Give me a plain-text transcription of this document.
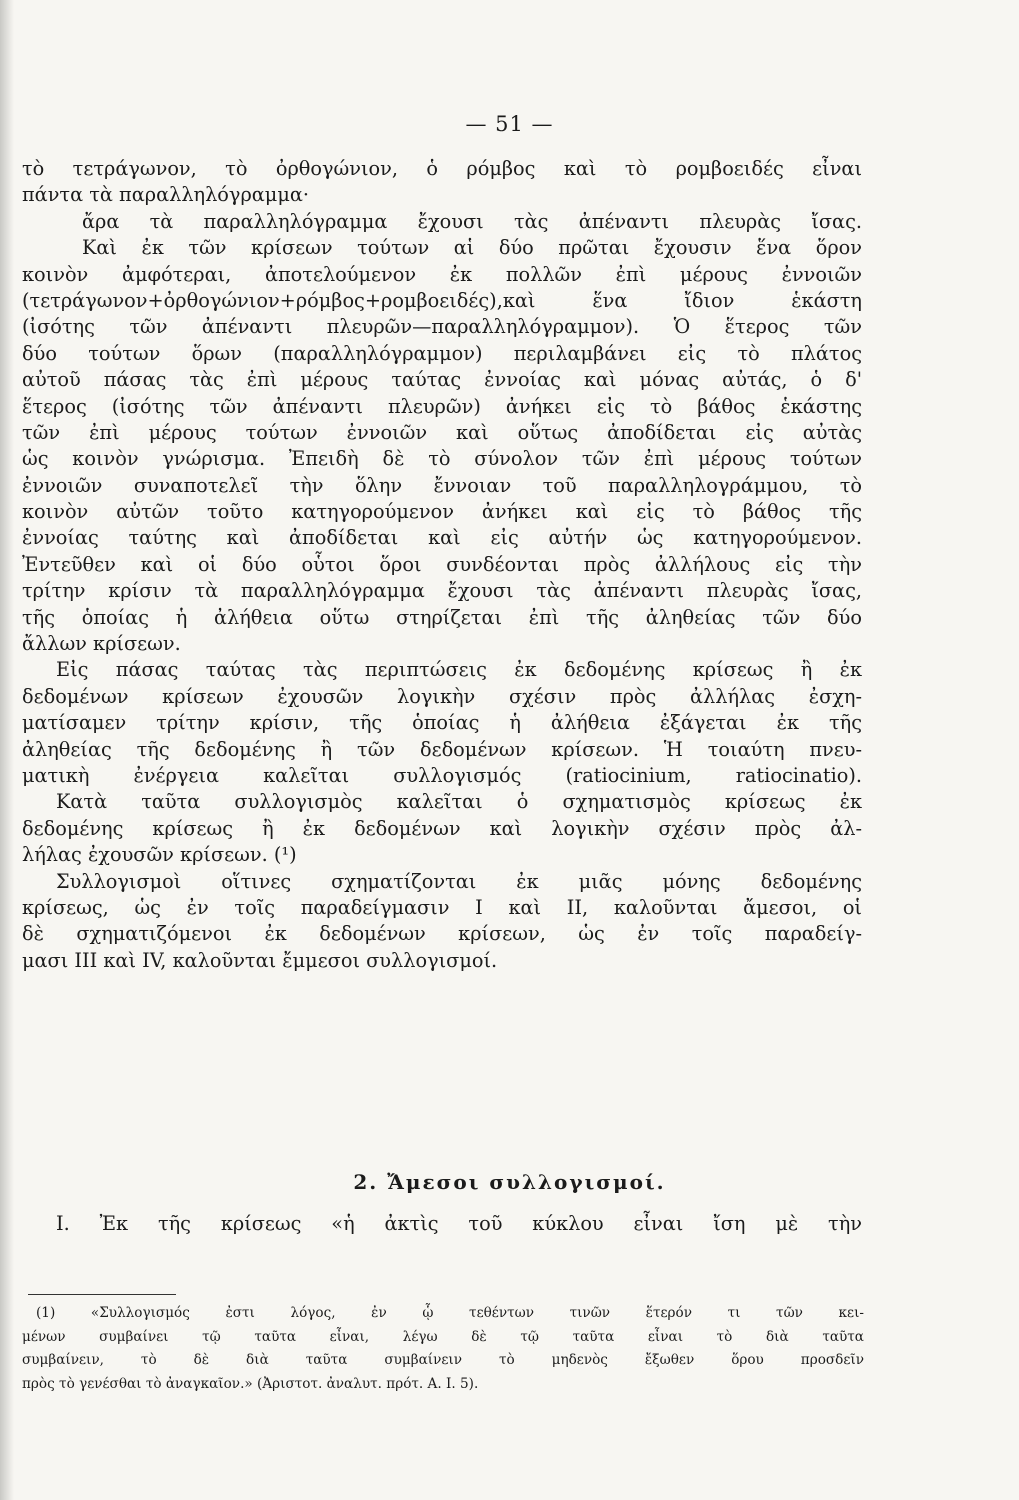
— 51 —
τὸ τετράγωνον, τὸ ὀρθογώνιον, ὁ ρόμβος καὶ τὸ ρομβοειδές εἶναι
πάντα τὰ παραλληλόγραμμα·
ἄρα τὰ παραλληλόγραμμα ἔχουσι τὰς ἀπέναντι πλευρὰς ἴσας.
Καὶ ἐκ τῶν κρίσεων τούτων αἱ δύο πρῶται ἔχουσιν ἕνα ὅρον
κοινὸν ἀμφότεραι, ἀποτελούμενον ἐκ πολλῶν ἐπὶ μέρους ἐννοιῶν
(τετράγωνον+ὀρθογώνιον+ρόμβος+ρομβοειδές),καὶ ἕνα ἴδιον ἑκάστη
(ἰσότης τῶν ἀπέναντι πλευρῶν—παραλληλόγραμμον). Ὁ ἕτερος τῶν
δύο τούτων ὅρων (παραλληλόγραμμον) περιλαμβάνει εἰς τὸ πλάτος
αὐτοῦ πάσας τὰς ἐπὶ μέρους ταύτας ἐννοίας καὶ μόνας αὐτάς, ὁ δ'
ἕτερος (ἰσότης τῶν ἀπέναντι πλευρῶν) ἀνήκει εἰς τὸ βάθος ἑκάστης
τῶν ἐπὶ μέρους τούτων ἐννοιῶν καὶ οὕτως ἀποδίδεται εἰς αὐτὰς
ὡς κοινὸν γνώρισμα. Ἐπειδὴ δὲ τὸ σύνολον τῶν ἐπὶ μέρους τούτων
ἐννοιῶν συναποτελεῖ τὴν ὅλην ἔννοιαν τοῦ παραλληλογράμμου, τὸ
κοινὸν αὐτῶν τοῦτο κατηγορούμενον ἀνήκει καὶ εἰς τὸ βάθος τῆς
ἐννοίας ταύτης καὶ ἀποδίδεται καὶ εἰς αὐτήν ὡς κατηγορούμενον.
Ἐντεῦθεν καὶ οἱ δύο οὗτοι ὅροι συνδέονται πρὸς ἀλλήλους εἰς τὴν
τρίτην κρίσιν τὰ παραλληλόγραμμα ἔχουσι τὰς ἀπέναντι πλευρὰς ἴσας,
τῆς ὁποίας ἡ ἀλήθεια οὕτω στηρίζεται ἐπὶ τῆς ἀληθείας τῶν δύο
ἄλλων κρίσεων.
Εἰς πάσας ταύτας τὰς περιπτώσεις ἐκ δεδομένης κρίσεως ἢ ἐκ
δεδομένων κρίσεων ἐχουσῶν λογικὴν σχέσιν πρὸς ἀλλήλας ἐσχη-
ματίσαμεν τρίτην κρίσιν, τῆς ὁποίας ἡ ἀλήθεια ἐξάγεται ἐκ τῆς
ἀληθείας τῆς δεδομένης ἢ τῶν δεδομένων κρίσεων. Ἡ τοιαύτη πνευ-
ματικὴ ἐνέργεια καλεῖται συλλογισμός (ratiocinium, ratiocinatio).
Κατὰ ταῦτα συλλογισμὸς καλεῖται ὁ σχηματισμὸς κρίσεως ἐκ
δεδομένης κρίσεως ἢ ἐκ δεδομένων καὶ λογικὴν σχέσιν πρὸς ἀλ-
λήλας ἐχουσῶν κρίσεων. (¹)
Συλλογισμοὶ οἵτινες σχηματίζονται ἐκ μιᾶς μόνης δεδομένης
κρίσεως, ὡς ἐν τοῖς παραδείγμασιν Ι καὶ ΙΙ, καλοῦνται ἄμεσοι, οἱ
δὲ σχηματιζόμενοι ἐκ δεδομένων κρίσεων, ὡς ἐν τοῖς παραδείγ-
μασι ΙΙΙ καὶ ΙV, καλοῦνται ἔμμεσοι συλλογισμοί.
2. Ἄμεσοι συλλογισμοί.
I. Ἐκ τῆς κρίσεως «ἡ ἀκτὶς τοῦ κύκλου εἶναι ἴση μὲ τὴν
(1) «Συλλογισμός ἐστι λόγος, ἐν ᾧ τεθέντων τινῶν ἕτερόν τι τῶν κει-
μένων συμβαίνει τῷ ταῦτα εἶναι, λέγω δὲ τῷ ταῦτα εἶναι τὸ διὰ ταῦτα
συμβαίνειν, τὸ δὲ διὰ ταῦτα συμβαίνειν τὸ μηδενὸς ἔξωθεν ὅρου προσδεῖν
πρὸς τὸ γενέσθαι τὸ ἀναγκαῖον.» (Ἀριστοτ. ἀναλυτ. πρότ. Α. Ι. 5).
